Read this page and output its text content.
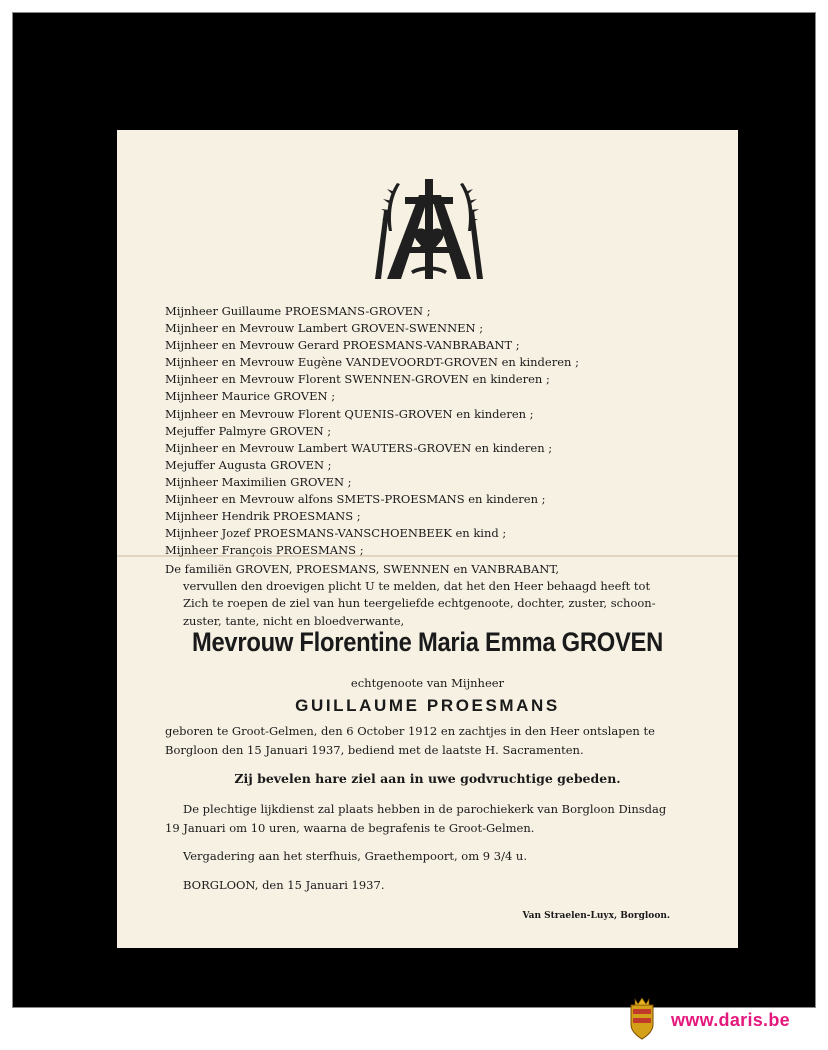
Mijnheer Guillaume PROESMANS-GROVEN ;
Mijnheer en Mevrouw Lambert GROVEN-SWENNEN ;
Mijnheer en Mevrouw Gerard PROESMANS-VANBRABANT ;
Mijnheer en Mevrouw Eugène VANDEVOORDT-GROVEN en kinderen ;
Mijnheer en Mevrouw Florent SWENNEN-GROVEN en kinderen ;
Mijnheer Maurice GROVEN ;
Mijnheer en Mevrouw Florent QUENIS-GROVEN en kinderen ;
Mejuffer Palmyre GROVEN ;
Mijnheer en Mevrouw Lambert WAUTERS-GROVEN en kinderen ;
Mejuffer Augusta GROVEN ;
Mijnheer Maximilien GROVEN ;
Mijnheer en Mevrouw alfons SMETS-PROESMANS en kinderen ;
Mijnheer Hendrik PROESMANS ;
Mijnheer Jozef PROESMANS-VANSCHOENBEEK en kind ;
Mijnheer François PROESMANS ;
De familiën GROVEN, PROESMANS, SWENNEN en VANBRABANT,
vervullen den droevigen plicht U te melden, dat het den Heer behaagd heeft tot
Zich te roepen de ziel van hun teergeliefde echtgenoote, dochter, zuster, schoon-
zuster, tante, nicht en bloedverwante,
Mevrouw Florentine Maria Emma GROVEN
echtgenoote van Mijnheer
GUILLAUME PROESMANS
geboren te Groot-Gelmen, den 6 October 1912 en zachtjes in den Heer ontslapen te
Borgloon den 15 Januari 1937, bediend met de laatste H. Sacramenten.
Zij bevelen hare ziel aan in uwe godvruchtige gebeden.
De plechtige lijkdienst zal plaats hebben in de parochiekerk van Borgloon Dinsdag
19 Januari om 10 uren, waarna de begrafenis te Groot-Gelmen.
Vergadering aan het sterfhuis, Graethempoort, om 9 3/4 u.
BORGLOON, den 15 Januari 1937.
Van Straelen-Luyx, Borgloon.
www.daris.be
